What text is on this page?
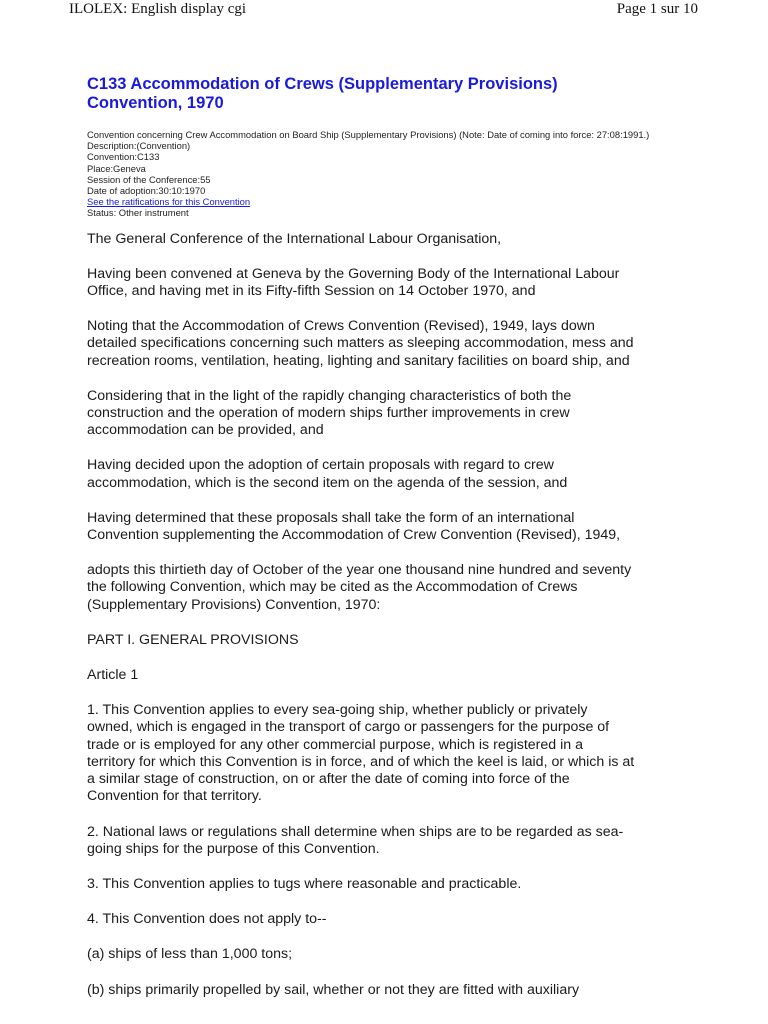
ILOLEX: English display cgi	Page 1 sur 10
C133 Accommodation of Crews (Supplementary Provisions)
Convention, 1970
Convention concerning Crew Accommodation on Board Ship (Supplementary Provisions) (Note: Date of coming into force: 27:08:1991.)
Description:(Convention)
Convention:C133
Place:Geneva
Session of the Conference:55
Date of adoption:30:10:1970
See the ratifications for this Convention
Status: Other instrument

The General Conference of the International Labour Organisation,

Having been convened at Geneva by the Governing Body of the International Labour
Office, and having met in its Fifty-fifth Session on 14 October 1970, and

Noting that the Accommodation of Crews Convention (Revised), 1949, lays down
detailed specifications concerning such matters as sleeping accommodation, mess and
recreation rooms, ventilation, heating, lighting and sanitary facilities on board ship, and

Considering that in the light of the rapidly changing characteristics of both the
construction and the operation of modern ships further improvements in crew
accommodation can be provided, and

Having decided upon the adoption of certain proposals with regard to crew
accommodation, which is the second item on the agenda of the session, and

Having determined that these proposals shall take the form of an international
Convention supplementing the Accommodation of Crew Convention (Revised), 1949,

adopts this thirtieth day of October of the year one thousand nine hundred and seventy
the following Convention, which may be cited as the Accommodation of Crews
(Supplementary Provisions) Convention, 1970:

PART I. GENERAL PROVISIONS

Article 1

1. This Convention applies to every sea-going ship, whether publicly or privately
owned, which is engaged in the transport of cargo or passengers for the purpose of
trade or is employed for any other commercial purpose, which is registered in a
territory for which this Convention is in force, and of which the keel is laid, or which is at
a similar stage of construction, on or after the date of coming into force of the
Convention for that territory.

2. National laws or regulations shall determine when ships are to be regarded as sea-
going ships for the purpose of this Convention.

3. This Convention applies to tugs where reasonable and practicable.

4. This Convention does not apply to--

(a) ships of less than 1,000 tons;

(b) ships primarily propelled by sail, whether or not they are fitted with auxiliary
